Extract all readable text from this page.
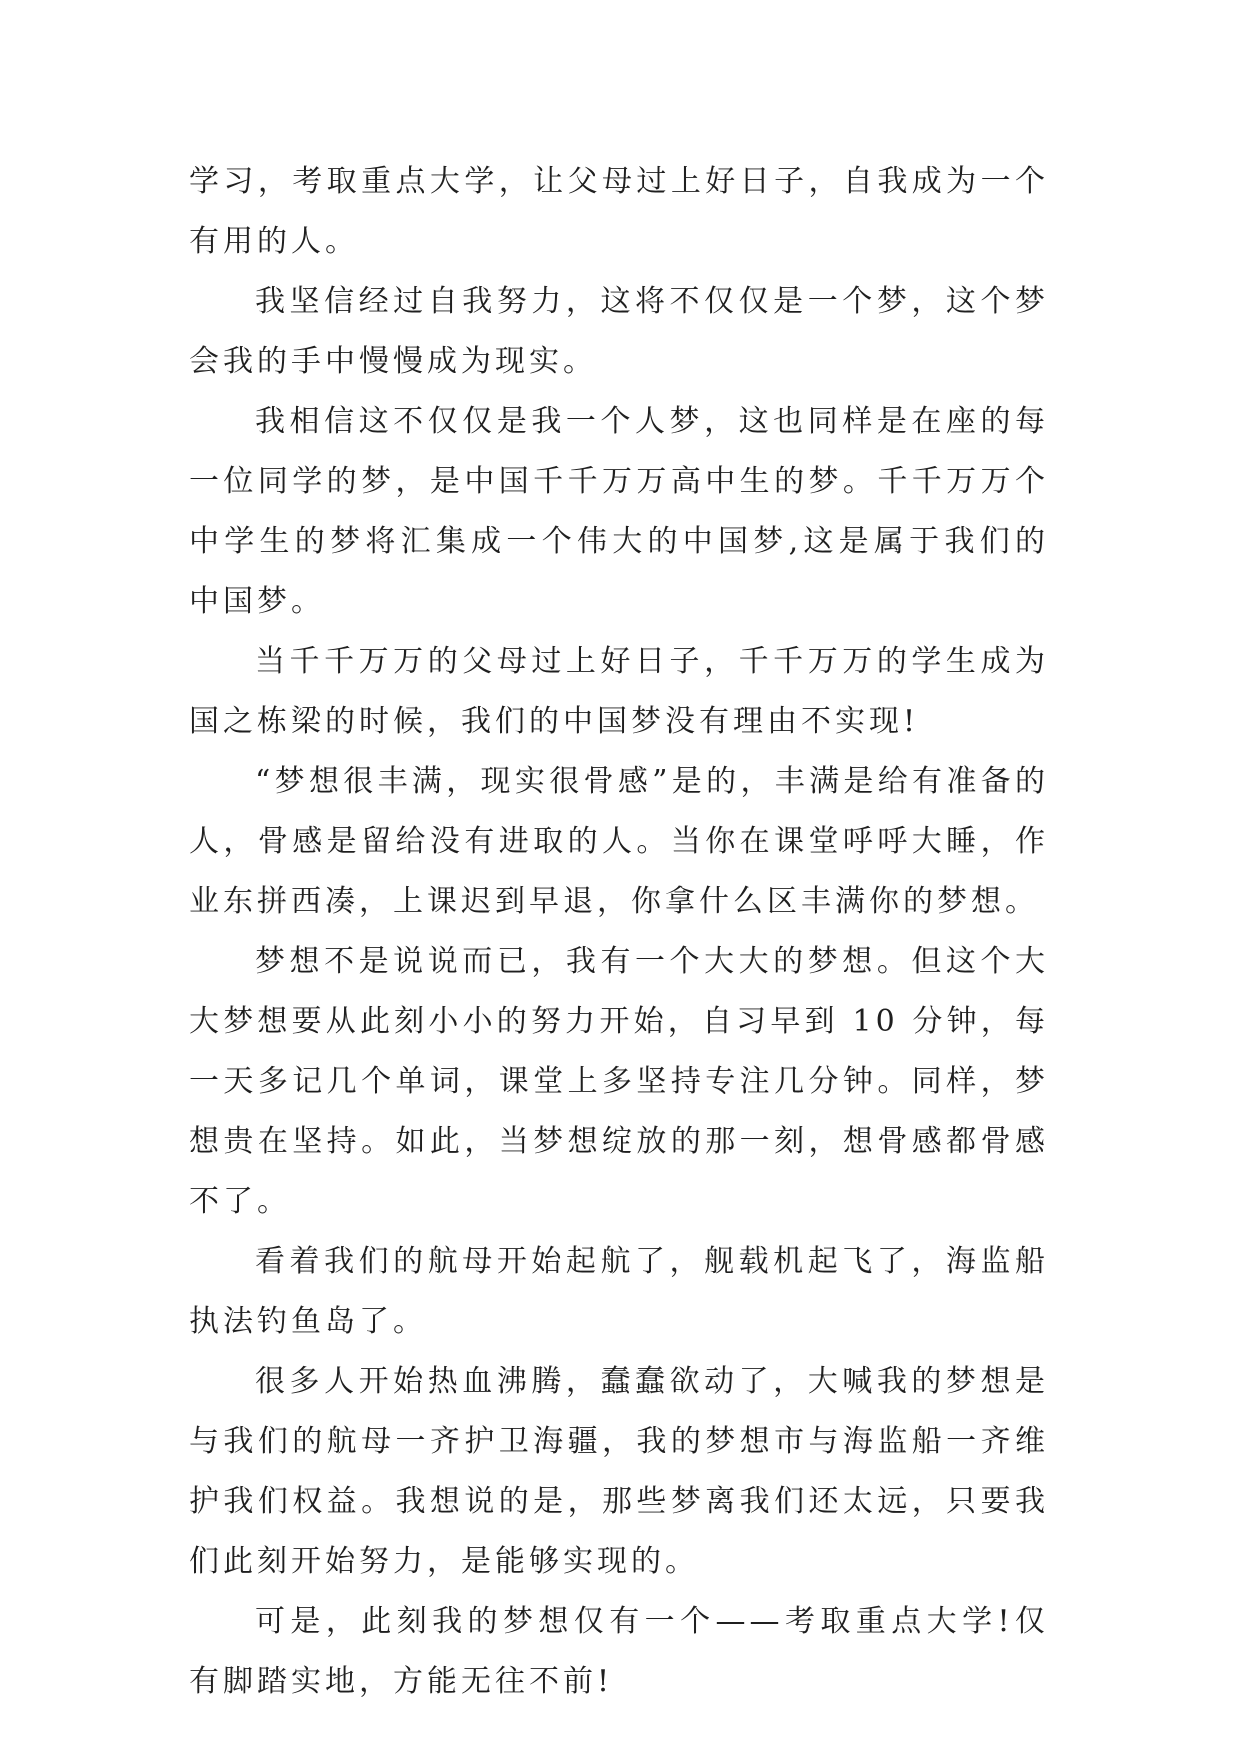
学习，考取重点大学，让父母过上好日子，自我成为一个有用的人。

我坚信经过自我努力，这将不仅仅是一个梦，这个梦会我的手中慢慢成为现实。

我相信这不仅仅是我一个人梦，这也同样是在座的每一位同学的梦，是中国千千万万高中生的梦。千千万万个中学生的梦将汇集成一个伟大的中国梦,这是属于我们的中国梦。

当千千万万的父母过上好日子，千千万万的学生成为国之栋梁的时候，我们的中国梦没有理由不实现!

“梦想很丰满，现实很骨感”是的，丰满是给有准备的人，骨感是留给没有进取的人。当你在课堂呼呼大睡，作业东拼西凑，上课迟到早退，你拿什么区丰满你的梦想。

梦想不是说说而已，我有一个大大的梦想。但这个大大梦想要从此刻小小的努力开始，自习早到 10 分钟，每一天多记几个单词，课堂上多坚持专注几分钟。同样，梦想贵在坚持。如此，当梦想绽放的那一刻，想骨感都骨感不了。

看着我们的航母开始起航了，舰载机起飞了，海监船执法钓鱼岛了。

很多人开始热血沸腾，蠢蠢欲动了，大喊我的梦想是与我们的航母一齐护卫海疆，我的梦想市与海监船一齐维护我们权益。我想说的是，那些梦离我们还太远，只要我们此刻开始努力，是能够实现的。

可是，此刻我的梦想仅有一个——考取重点大学!仅有脚踏实地，方能无往不前!
